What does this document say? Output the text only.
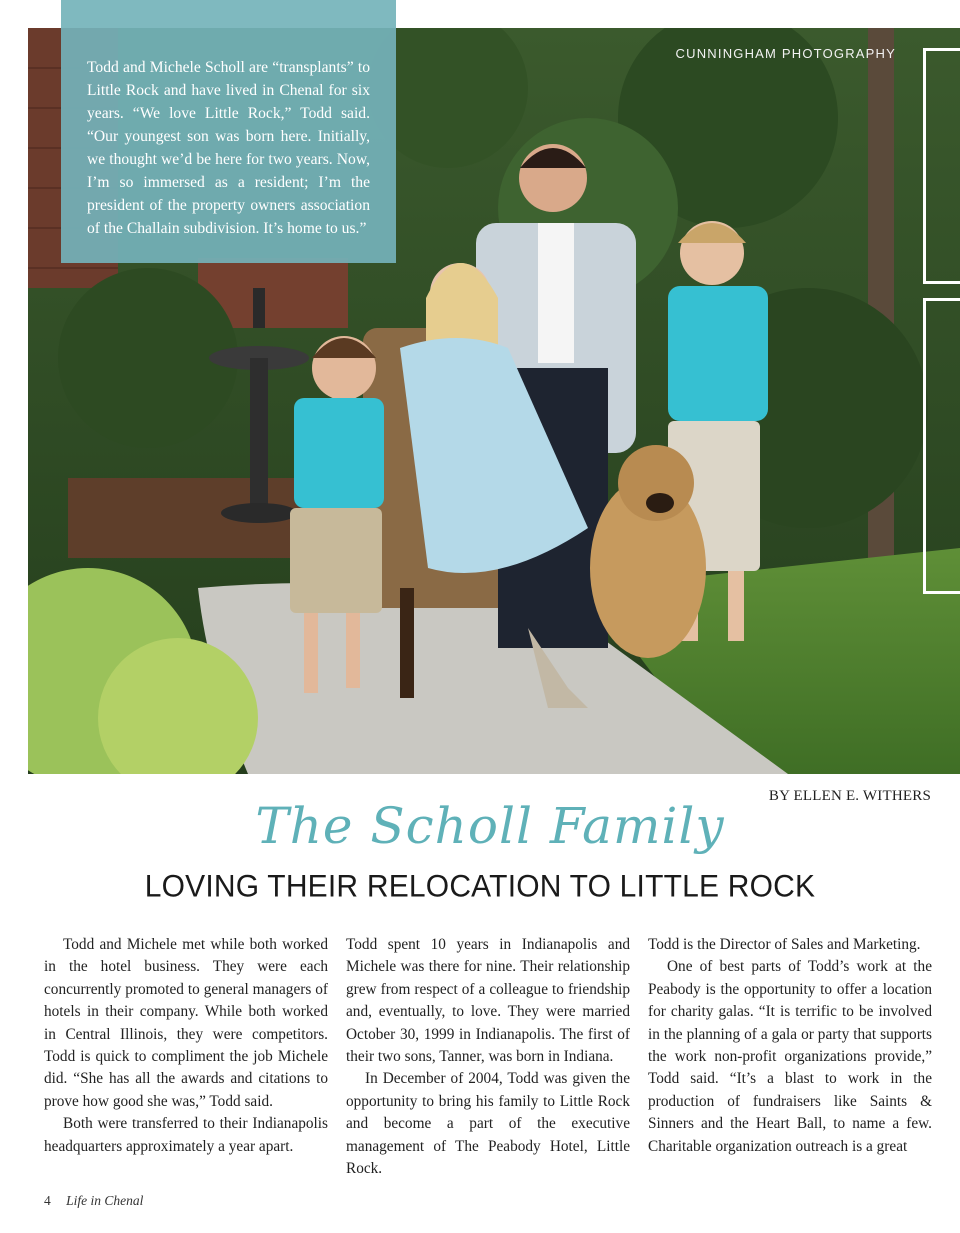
Todd and Michele Scholl are “transplants” to Little Rock and have lived in Chenal for six years. “We love Little Rock,” Todd said. “Our youngest son was born here. Initially, we thought we’d be here for two years. Now, I’m so immersed as a resident; I’m the president of the property owners association of the Challain subdivision. It’s home to us.”

CUNNINGHAM PHOTOGRAPHY
BY ELLEN E. WITHERS
The Scholl Family
LOVING THEIR RELOCATION TO LITTLE ROCK

Todd and Michele met while both worked in the hotel business. They were each concurrently promoted to general managers of hotels in their company. While both worked in Central Illinois, they were competitors. Todd is quick to compliment the job Michele did. “She has all the awards and citations to prove how good she was,” Todd said.

Both were transferred to their Indianapolis headquarters approximately a year apart.

Todd spent 10 years in Indianapolis and Michele was there for nine. Their relationship grew from respect of a colleague to friendship and, eventually, to love. They were married October 30, 1999 in Indianapolis. The first of their two sons, Tanner, was born in Indiana.

In December of 2004, Todd was given the opportunity to bring his family to Little Rock and become a part of the executive management of The Peabody Hotel, Little Rock.

Todd is the Director of Sales and Marketing.

One of best parts of Todd’s work at the Peabody is the opportunity to offer a location for charity galas. “It is terrific to be involved in the planning of a gala or party that supports the work non-profit organizations provide,” Todd said. “It’s a blast to work in the production of fundraisers like Saints & Sinners and the Heart Ball, to name a few. Charitable organization outreach is a great

4 Life in Chenal
